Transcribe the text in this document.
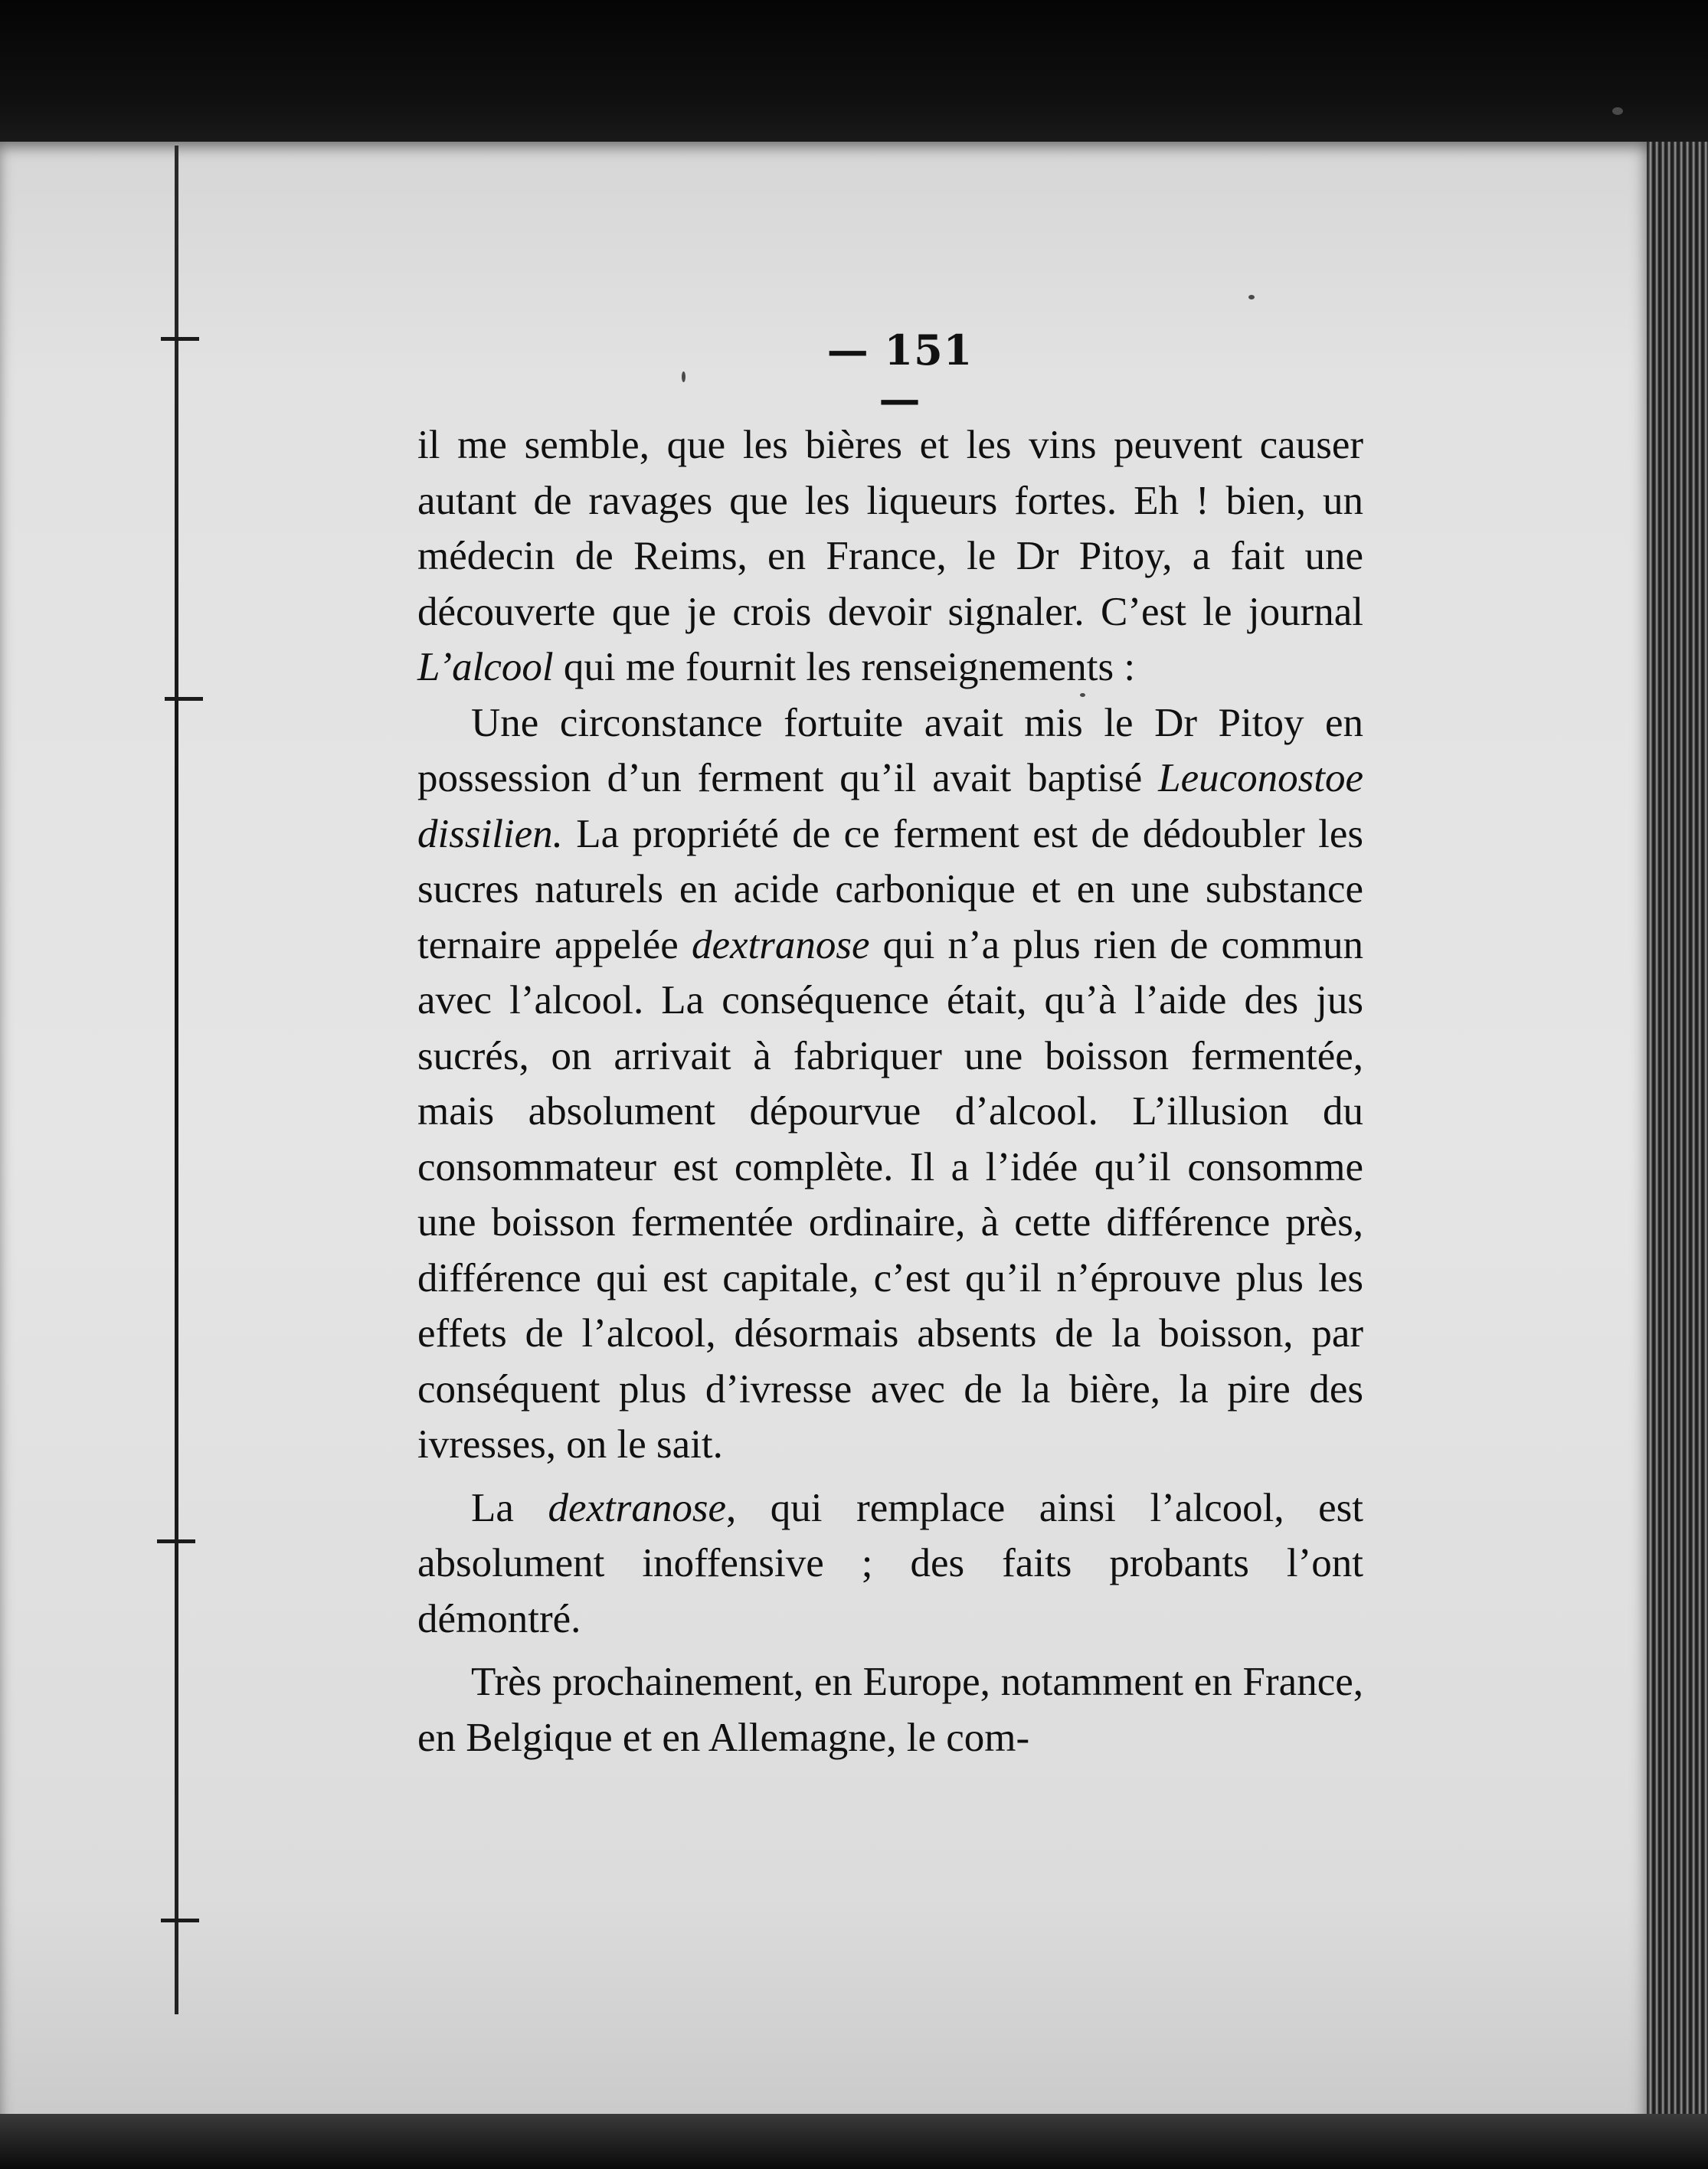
— 151 —

il me semble, que les bières et les vins peuvent causer autant de ravages que les liqueurs fortes. Eh ! bien, un médecin de Reims, en France, le Dr Pitoy, a fait une découverte que je crois devoir signaler. C’est le journal L’alcool qui me fournit les renseignements :

Une circonstance fortuite avait mis le Dr Pitoy en possession d’un ferment qu’il avait baptisé Leuconostoe dissilien. La propriété de ce ferment est de dédoubler les sucres naturels en acide carbonique et en une substance ternaire appelée dextranose qui n’a plus rien de commun avec l’alcool. La conséquence était, qu’à l’aide des jus sucrés, on arrivait à fabriquer une boisson fermentée, mais absolument dépourvue d’alcool. L’illusion du consommateur est complète. Il a l’idée qu’il consomme une boisson fermentée ordinaire, à cette différence près, différence qui est capitale, c’est qu’il n’éprouve plus les effets de l’alcool, désormais absents de la boisson, par conséquent plus d’ivresse avec de la bière, la pire des ivresses, on le sait.

La dextranose, qui remplace ainsi l’alcool, est absolument inoffensive ; des faits probants l’ont démontré.

Très prochainement, en Europe, notamment en France, en Belgique et en Allemagne, le com-
